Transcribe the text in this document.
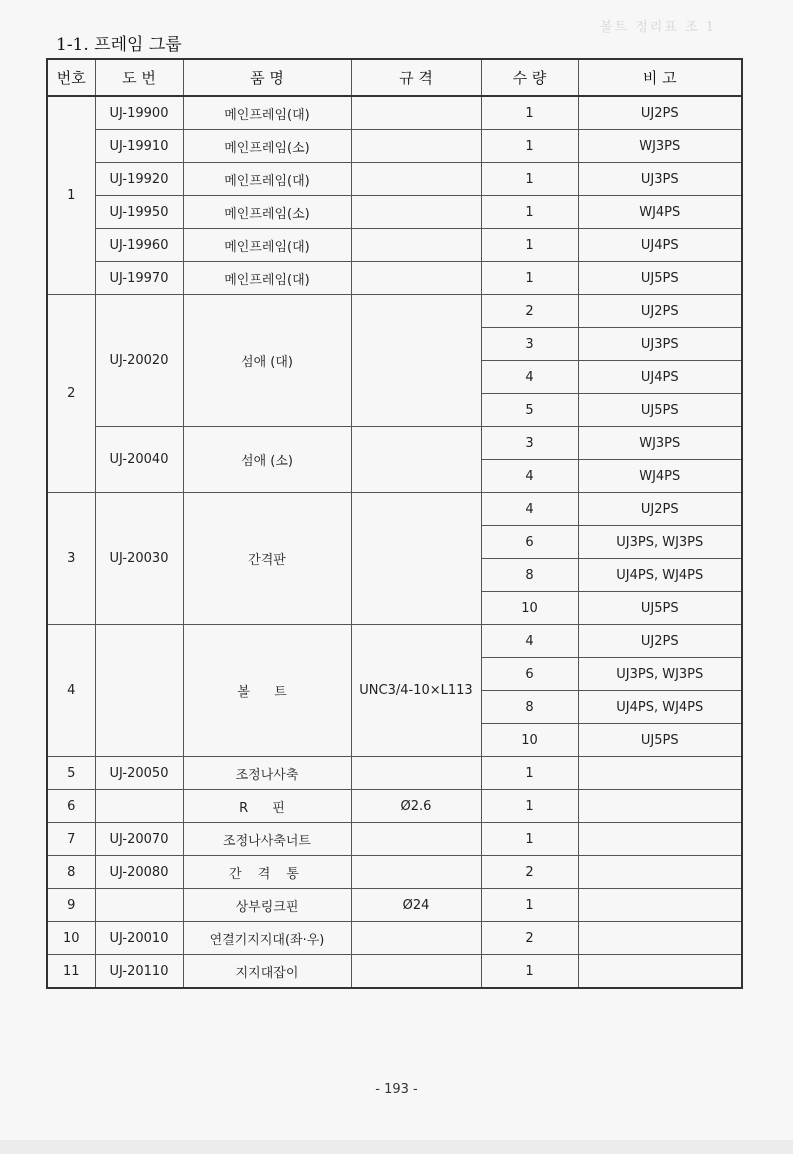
볼트 정리표 조 1
1-1. 프레임 그룹
번호	도 번	품 명	규 격	수 량	비 고
1	UJ-19900	메인프레임(대)		1	UJ2PS
	UJ-19910	메인프레임(소)		1	WJ3PS
	UJ-19920	메인프레임(대)		1	UJ3PS
	UJ-19950	메인프레임(소)		1	WJ4PS
	UJ-19960	메인프레임(대)		1	UJ4PS
	UJ-19970	메인프레임(대)		1	UJ5PS
2	UJ-20020	섬애 (대)		2	UJ2PS
				3	UJ3PS
				4	UJ4PS
				5	UJ5PS
	UJ-20040	섬애 (소)		3	WJ3PS
				4	WJ4PS
3	UJ-20030	간격판		4	UJ2PS
				6	UJ3PS, WJ3PS
				8	UJ4PS, WJ4PS
				10	UJ5PS
4		볼 트	UNC3/4-10×L113	4	UJ2PS
				6	UJ3PS, WJ3PS
				8	UJ4PS, WJ4PS
				10	UJ5PS
5	UJ-20050	조정나사축		1	
6		R 핀	Ø2.6	1	
7	UJ-20070	조정나사축너트		1	
8	UJ-20080	간 격 통		2	
9		상부링크핀	Ø24	1	
10	UJ-20010	연결기지지대(좌·우)		2	
11	UJ-20110	지지대잡이		1	
- 193 -
